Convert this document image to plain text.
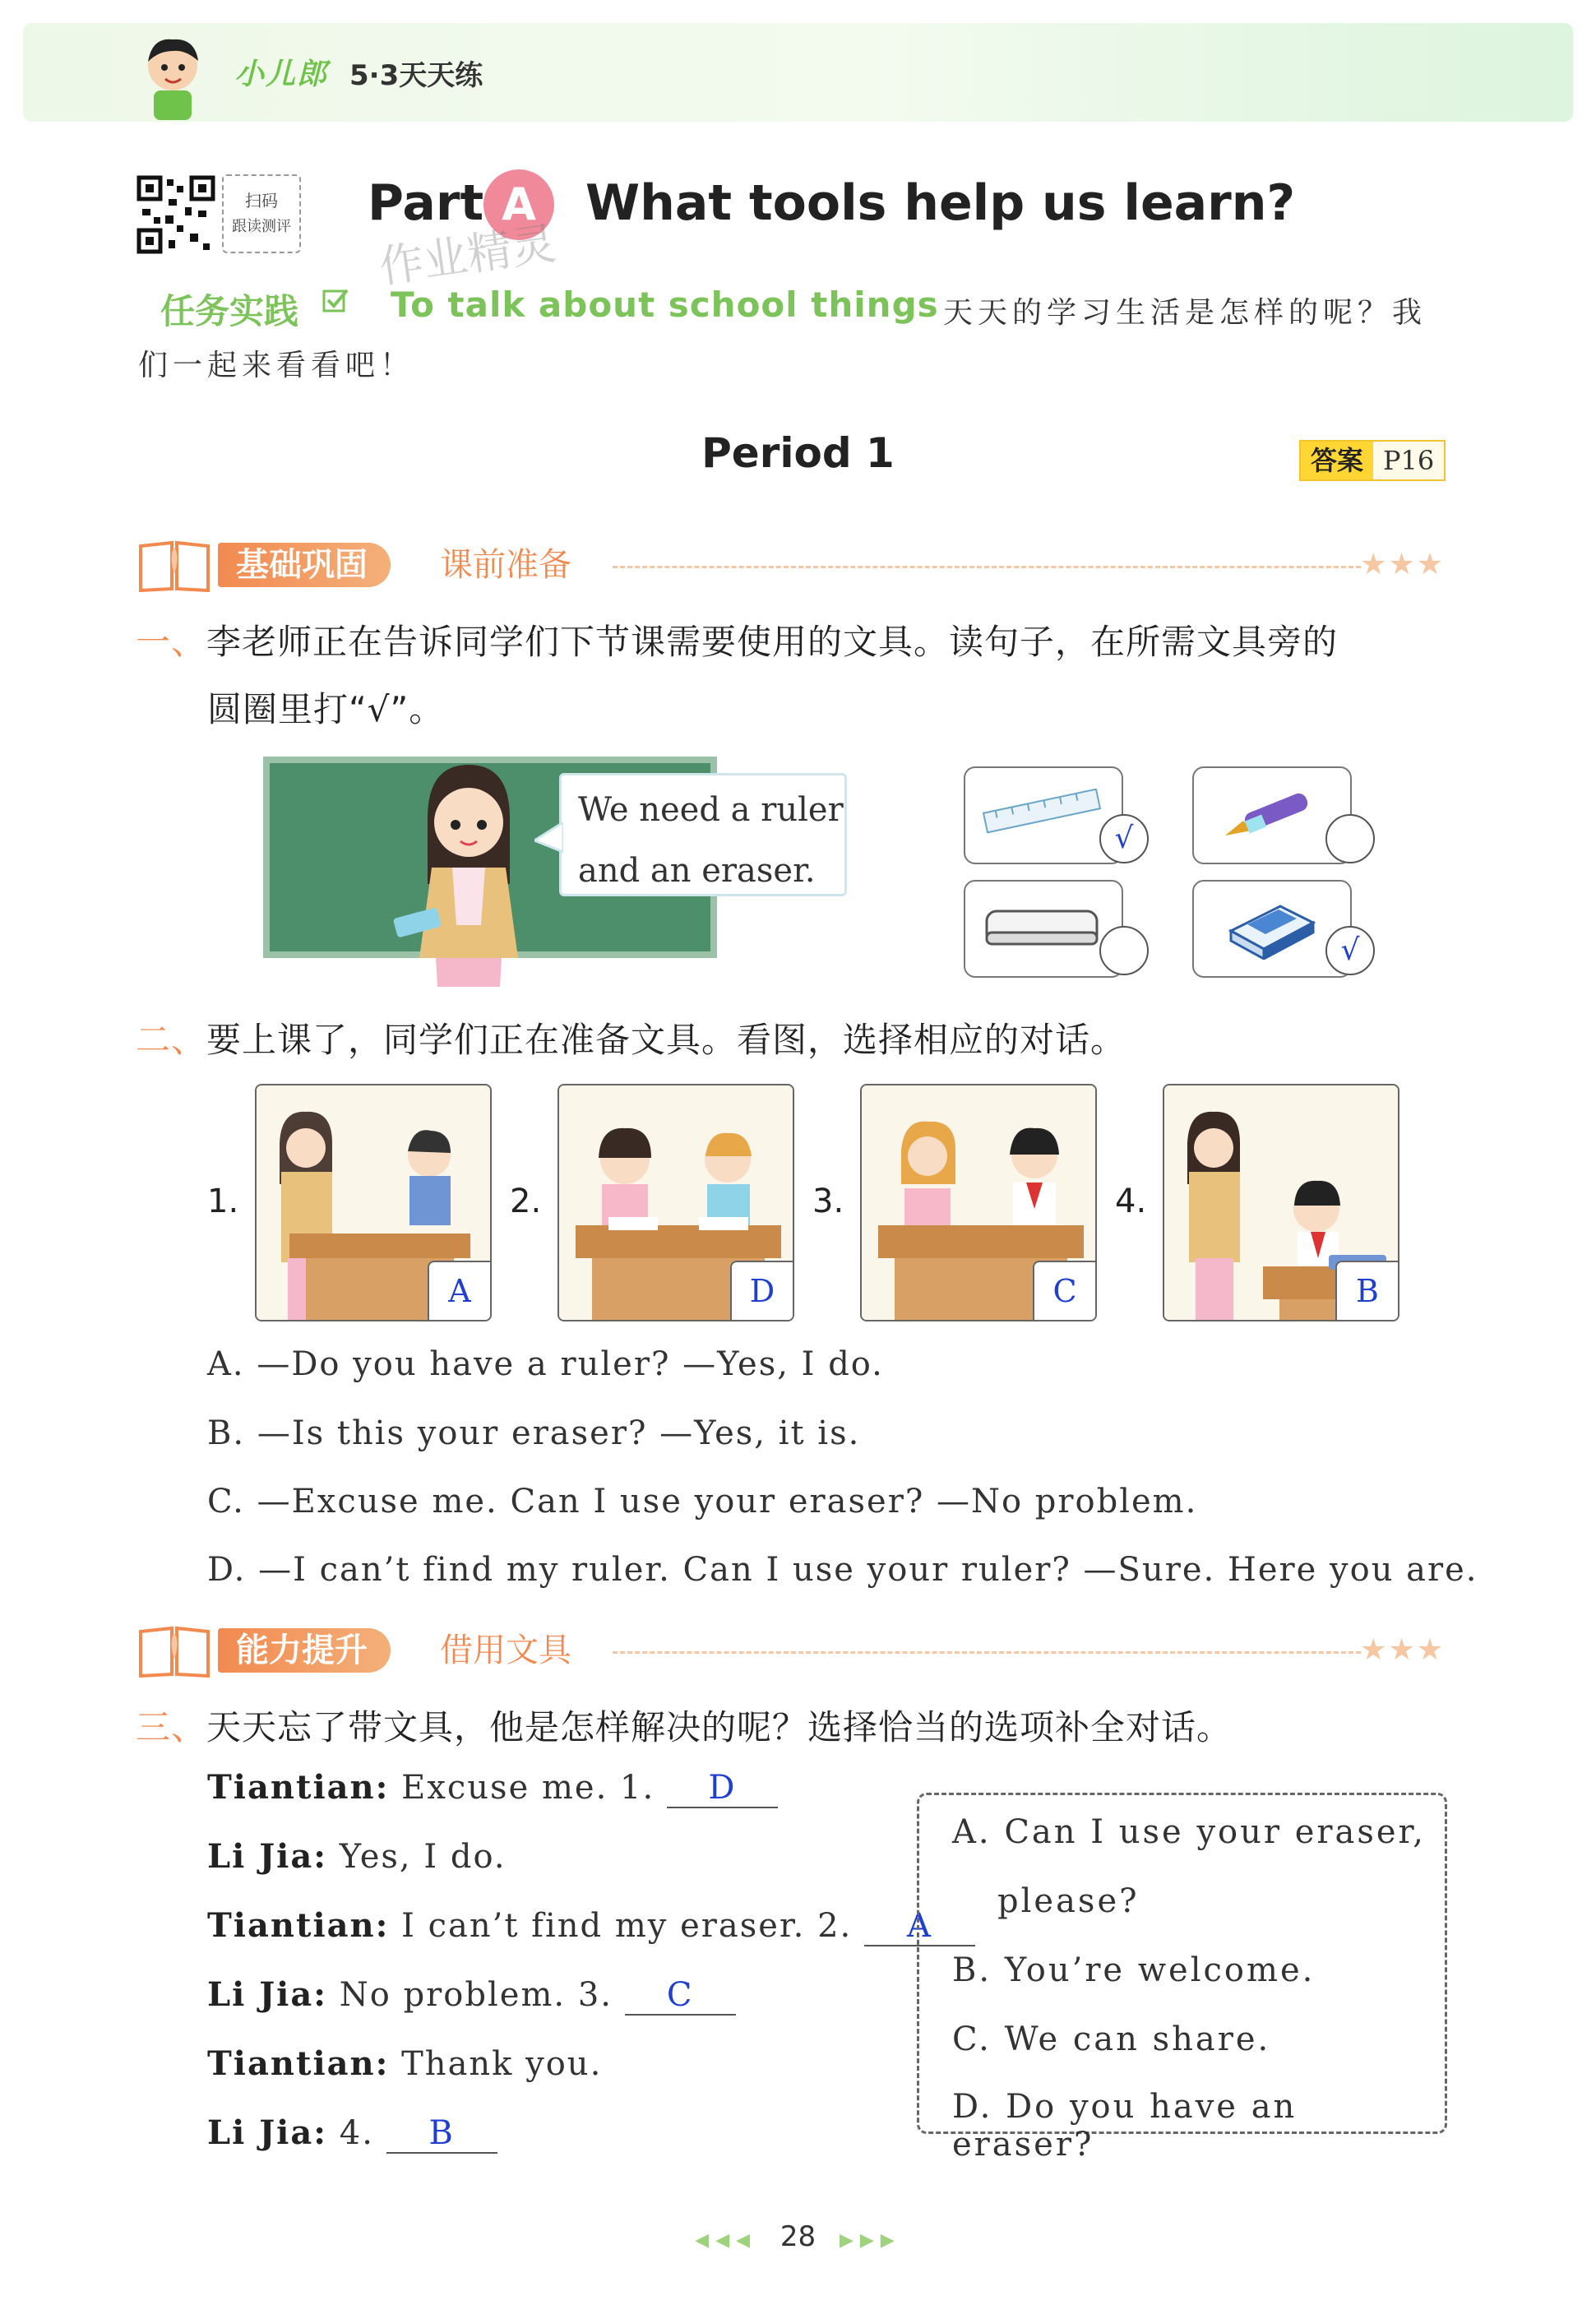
小儿郎 5·3天天练
扫码
跟读测评 Part A	What tools help us learn?
作业精灵
任务实践	To talk about school things 天天的学习生活是怎样的呢？我
们一起来看看吧！
Period 1	答案 P16
基础巩固	课前准备	★★★
一、李老师正在告诉同学们下节课需要使用的文具。读句子，在所需文具旁的
圆圈里打“√”。
We need a ruler
and an eraser.
√
√
二、要上课了，同学们正在准备文具。看图，选择相应的对话。
1.
A
2.
D
3.
C
4.
B
A. —Do you have a ruler? —Yes, I do.
B. —Is this your eraser? —Yes, it is.
C. —Excuse me. Can I use your eraser? —No problem.
D. —I can’t find my ruler. Can I use your ruler? —Sure. Here you are.
能力提升	借用文具	★★★
三、天天忘了带文具，他是怎样解决的呢？选择恰当的选项补全对话。
Tiantian: Excuse me. 1. D
Li Jia: Yes, I do.
Tiantian: I can’t find my eraser. 2. A
Li Jia: No problem. 3. C
Tiantian: Thank you.
Li Jia: 4. B
A. Can I use your eraser,
please?
B. You’re welcome.
C. We can share.
D. Do you have an eraser?
◀◀◀ 28 ▶▶▶
